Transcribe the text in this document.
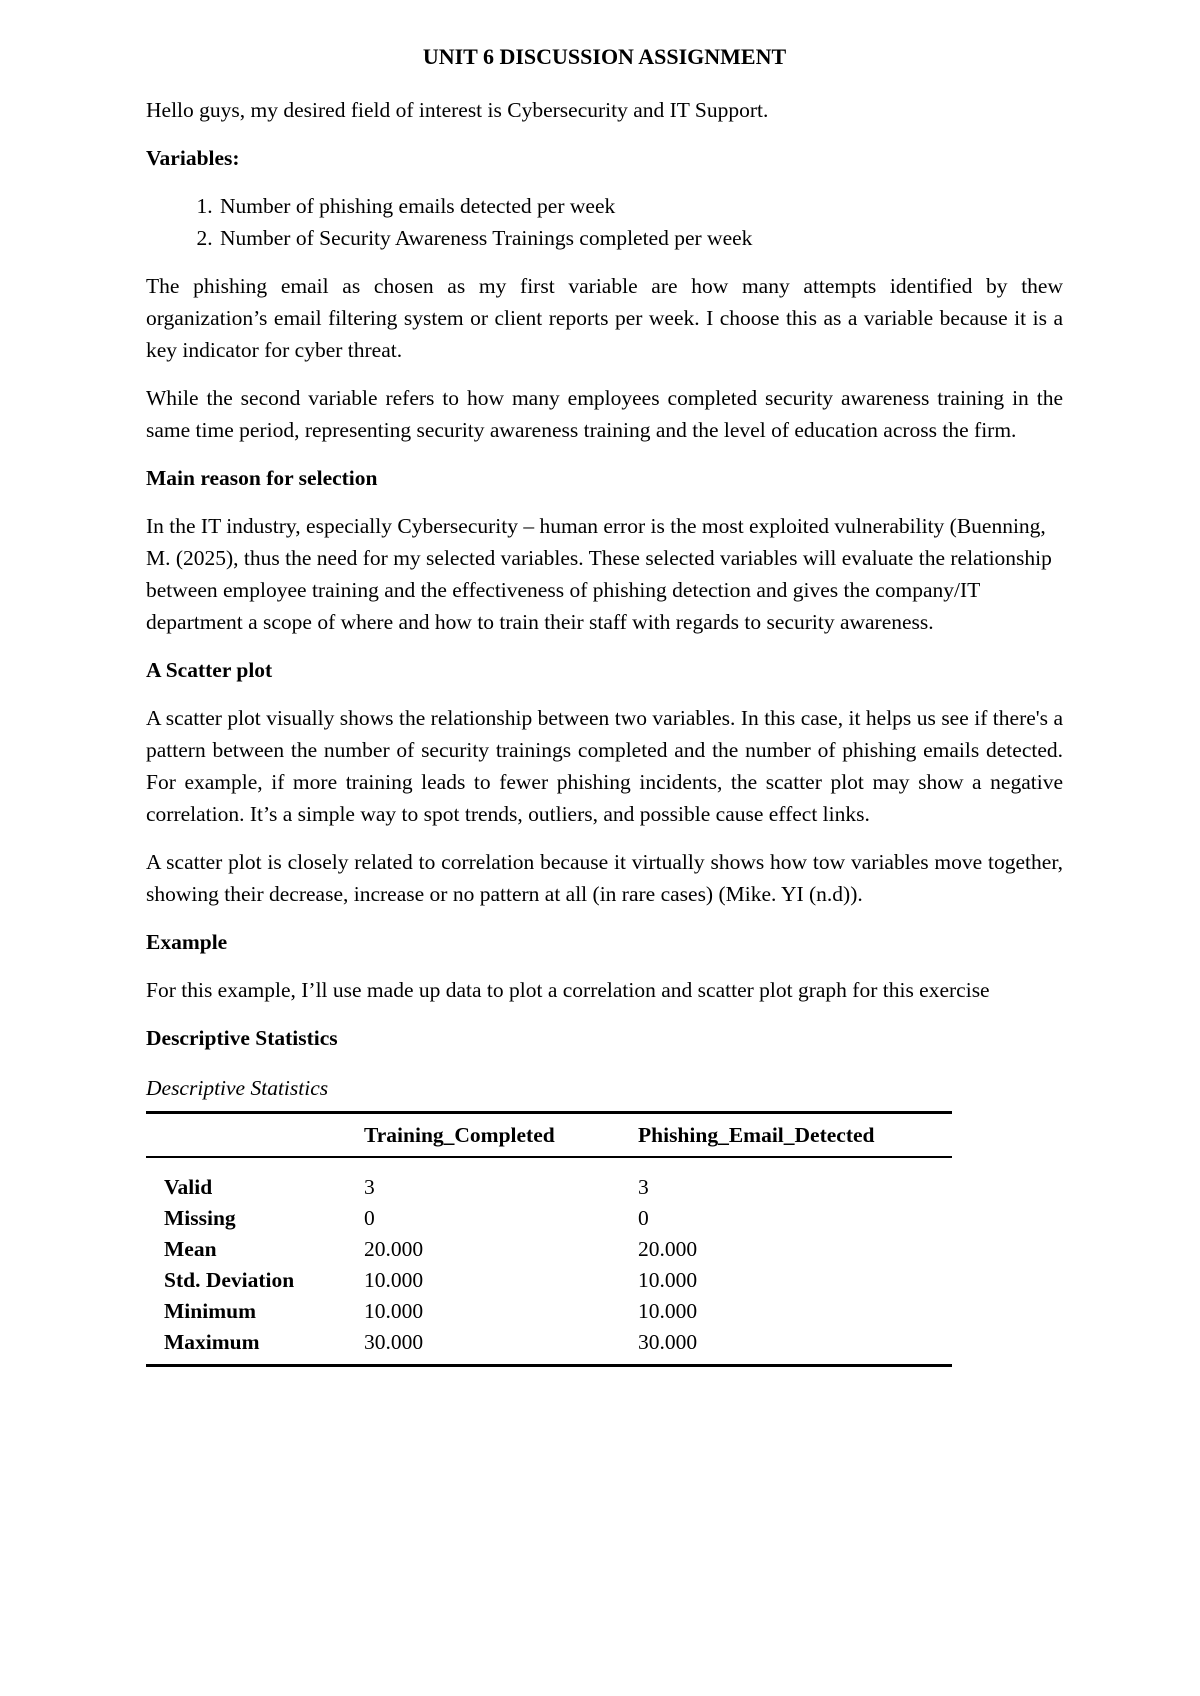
UNIT 6 DISCUSSION ASSIGNMENT

Hello guys, my desired field of interest is Cybersecurity and IT Support.

Variables:
1. Number of phishing emails detected per week
2. Number of Security Awareness Trainings completed per week

The phishing email as chosen as my first variable are how many attempts identified by thew organization’s email filtering system or client reports per week. I choose this as a variable because it is a key indicator for cyber threat.

While the second variable refers to how many employees completed security awareness training in the same time period, representing security awareness training and the level of education across the firm.

Main reason for selection

In the IT industry, especially Cybersecurity – human error is the most exploited vulnerability (Buenning, M. (2025), thus the need for my selected variables. These selected variables will evaluate the relationship between employee training and the effectiveness of phishing detection and gives the company/IT department a scope of where and how to train their staff with regards to security awareness.

A Scatter plot

A scatter plot visually shows the relationship between two variables. In this case, it helps us see if there's a pattern between the number of security trainings completed and the number of phishing emails detected. For example, if more training leads to fewer phishing incidents, the scatter plot may show a negative correlation. It’s a simple way to spot trends, outliers, and possible cause effect links.

A scatter plot is closely related to correlation because it virtually shows how tow variables move together, showing their decrease, increase or no pattern at all (in rare cases) (Mike. YI (n.d)).

Example

For this example, I’ll use made up data to plot a correlation and scatter plot graph for this exercise

Descriptive Statistics
Descriptive Statistics
	Training_Completed	Phishing_Email_Detected
Valid	3	3
Missing	0	0
Mean	20.000	20.000
Std. Deviation	10.000	10.000
Minimum	10.000	10.000
Maximum	30.000	30.000
